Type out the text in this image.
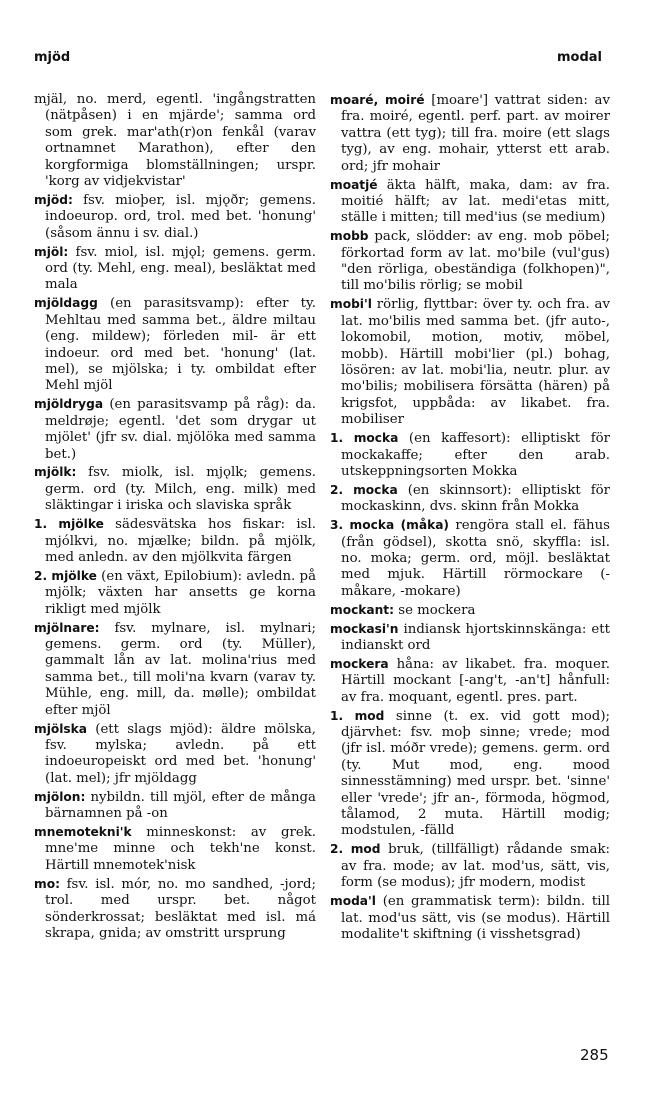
mjöd	modal

mjäl, no. merd, egentl. 'ingångstratten (nätpåsen) i en mjärde'; samma ord som grek. mar'ath(r)on fenkål (varav ortnamnet Marathon), efter den korgformiga blomställningen; urspr. 'korg av vidjekvistar'

mjöd: fsv. mioþer, isl. mjǫðr; gemens. indoeurop. ord, trol. med bet. 'honung' (såsom ännu i sv. dial.)

mjöl: fsv. miol, isl. mjǫl; gemens. germ. ord (ty. Mehl, eng. meal), besläktat med mala

mjöldagg (en parasitsvamp): efter ty. Mehltau med samma bet., äldre miltau (eng. mildew); förleden mil- är ett indoeur. ord med bet. 'honung' (lat. mel), se mjölska; i ty. ombildat efter Mehl mjöl

mjöldryga (en parasitsvamp på råg): da. meldrøje; egentl. 'det som drygar ut mjölet' (jfr sv. dial. mjölöka med samma bet.)

mjölk: fsv. miolk, isl. mjǫlk; gemens. germ. ord (ty. Milch, eng. milk) med släktingar i iriska och slaviska språk

1. mjölke sädesvätska hos fiskar: isl. mjólkvi, no. mjælke; bildn. på mjölk, med anledn. av den mjölkvita färgen

2. mjölke (en växt, Epilobium): avledn. på mjölk; växten har ansetts ge korna rikligt med mjölk

mjölnare: fsv. mylnare, isl. mylnari; gemens. germ. ord (ty. Müller), gammalt lån av lat. molina'rius med samma bet., till moli'na kvarn (varav ty. Mühle, eng. mill, da. mølle); ombildat efter mjöl

mjölska (ett slags mjöd): äldre mölska, fsv. mylska; avledn. på ett indoeuropeiskt ord med bet. 'honung' (lat. mel); jfr mjöldagg

mjölon: nybildn. till mjöl, efter de många bärnamnen på -on

mnemotekni'k minneskonst: av grek. mne'me minne och tekh'ne konst. Härtill mnemotek'nisk

mo: fsv. isl. mór, no. mo sandhed, -jord; trol. med urspr. bet. något sönderkrossat; besläktat med isl. má skrapa, gnida; av omstritt ursprung

moaré, moiré [moare'] vattrat siden: av fra. moiré, egentl. perf. part. av moirer vattra (ett tyg); till fra. moire (ett slags tyg), av eng. mohair, ytterst ett arab. ord; jfr mohair

moatjé äkta hälft, maka, dam: av fra. moitié hälft; av lat. medi'etas mitt, ställe i mitten; till med'ius (se medium)

mobb pack, slödder: av eng. mob pöbel; förkortad form av lat. mo'bile (vul'gus) "den rörliga, obeständiga (folkhopen)", till mo'bilis rörlig; se mobil

mobi'l rörlig, flyttbar: över ty. och fra. av lat. mo'bilis med samma bet. (jfr auto-, lokomobil, motion, motiv, möbel, mobb). Härtill mobi'lier (pl.) bohag, lösören: av lat. mobi'lia, neutr. plur. av mo'bilis; mobilisera försätta (hären) på krigsfot, uppbåda: av likabet. fra. mobiliser

1. mocka (en kaffesort): elliptiskt för mockakaffe; efter den arab. utskeppningsorten Mokka

2. mocka (en skinnsort): elliptiskt för mockaskinn, dvs. skinn från Mokka

3. mocka (måka) rengöra stall el. fähus (från gödsel), skotta snö, skyffla: isl. no. moka; germ. ord, möjl. besläktat med mjuk. Härtill rörmockare (-måkare, -mokare)

mockant: se mockera

mockasi'n indiansk hjortskinnskänga: ett indianskt ord

mockera håna: av likabet. fra. moquer. Härtill mockant [-ang't, -an't] hånfull: av fra. moquant, egentl. pres. part.

1. mod sinne (t. ex. vid gott mod); djärvhet: fsv. moþ sinne; vrede; mod (jfr isl. móðr vrede); gemens. germ. ord (ty. Mut mod, eng. mood sinnesstämning) med urspr. bet. 'sinne' eller 'vrede'; jfr an-, förmoda, högmod, tålamod, 2 muta. Härtill modig; modstulen, -fälld

2. mod bruk, (tillfälligt) rådande smak: av fra. mode; av lat. mod'us, sätt, vis, form (se modus); jfr modern, modist

moda'l (en grammatisk term): bildn. till lat. mod'us sätt, vis (se modus). Härtill modalite't skiftning (i visshetsgrad)

285
